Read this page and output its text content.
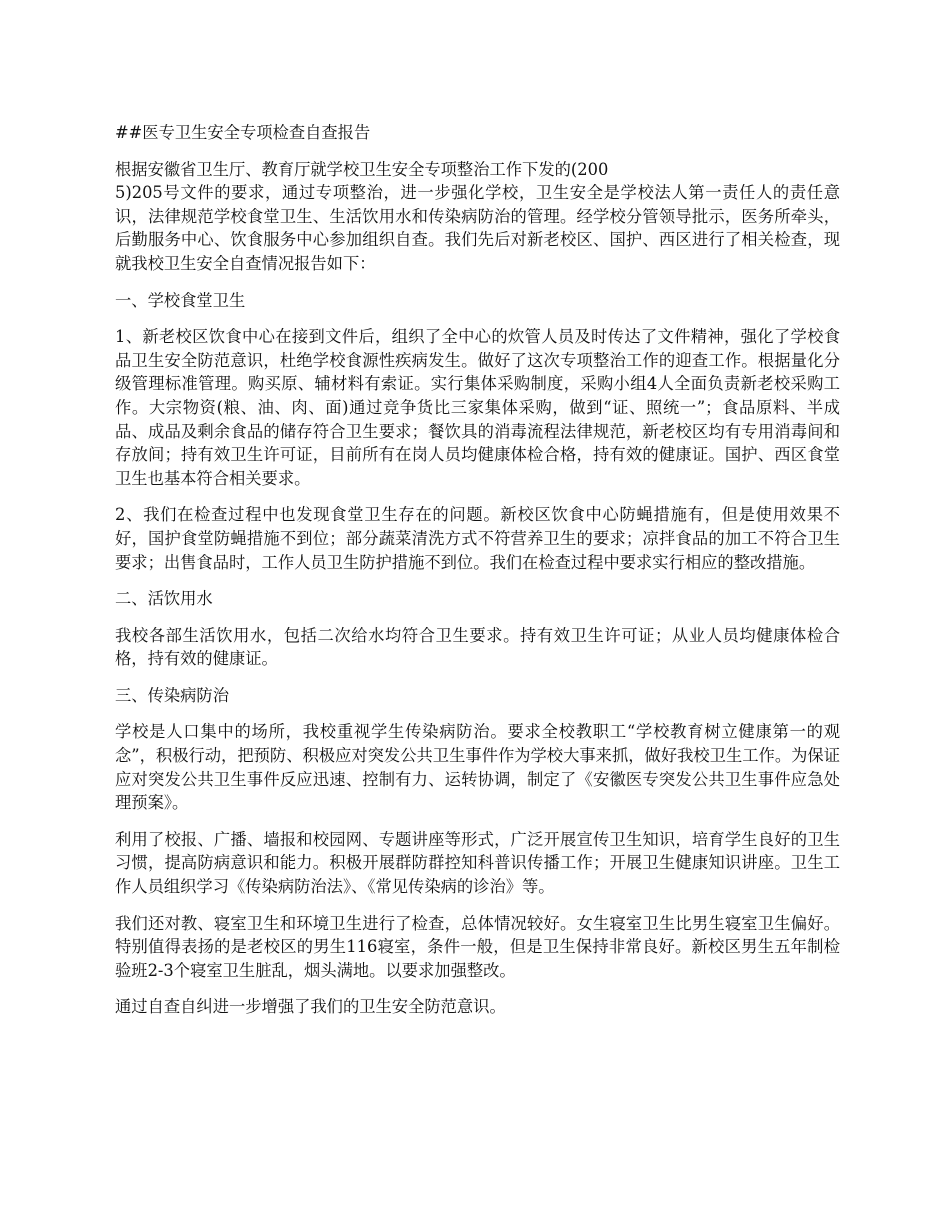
##医专卫生安全专项检查自查报告

根据安徽省卫生厅、教育厅就学校卫生安全专项整治工作下发的(200

5)205号文件的要求，通过专项整治，进一步强化学校，卫生安全是学校法人第一责任人的责任意识，法律规范学校食堂卫生、生活饮用水和传染病防治的管理。经学校分管领导批示，医务所牵头，后勤服务中心、饮食服务中心参加组织自查。我们先后对新老校区、国护、西区进行了相关检查，现就我校卫生安全自查情况报告如下：

一、学校食堂卫生

1、新老校区饮食中心在接到文件后，组织了全中心的炊管人员及时传达了文件精神，强化了学校食品卫生安全防范意识，杜绝学校食源性疾病发生。做好了这次专项整治工作的迎查工作。根据量化分级管理标准管理。购买原、辅材料有索证。实行集体采购制度，采购小组4人全面负责新老校采购工作。大宗物资(粮、油、肉、面)通过竞争货比三家集体采购，做到“证、照统一”；食品原料、半成品、成品及剩余食品的储存符合卫生要求；餐饮具的消毒流程法律规范，新老校区均有专用消毒间和存放间；持有效卫生许可证，目前所有在岗人员均健康体检合格，持有效的健康证。国护、西区食堂卫生也基本符合相关要求。

2、我们在检查过程中也发现食堂卫生存在的问题。新校区饮食中心防蝇措施有，但是使用效果不好，国护食堂防蝇措施不到位；部分蔬菜清洗方式不符营养卫生的要求；凉拌食品的加工不符合卫生要求；出售食品时，工作人员卫生防护措施不到位。我们在检查过程中要求实行相应的整改措施。

二、活饮用水

我校各部生活饮用水，包括二次给水均符合卫生要求。持有效卫生许可证；从业人员均健康体检合格，持有效的健康证。

三、传染病防治

学校是人口集中的场所，我校重视学生传染病防治。要求全校教职工“学校教育树立健康第一的观念”，积极行动，把预防、积极应对突发公共卫生事件作为学校大事来抓，做好我校卫生工作。为保证应对突发公共卫生事件反应迅速、控制有力、运转协调，制定了《安徽医专突发公共卫生事件应急处理预案》。

利用了校报、广播、墙报和校园网、专题讲座等形式，广泛开展宣传卫生知识，培育学生良好的卫生习惯，提高防病意识和能力。积极开展群防群控知科普识传播工作；开展卫生健康知识讲座。卫生工作人员组织学习《传染病防治法》、《常见传染病的诊治》等。

我们还对教、寝室卫生和环境卫生进行了检查，总体情况较好。女生寝室卫生比男生寝室卫生偏好。特别值得表扬的是老校区的男生116寝室，条件一般，但是卫生保持非常良好。新校区男生五年制检验班2-3个寝室卫生脏乱，烟头满地。以要求加强整改。

通过自查自纠进一步增强了我们的卫生安全防范意识。
